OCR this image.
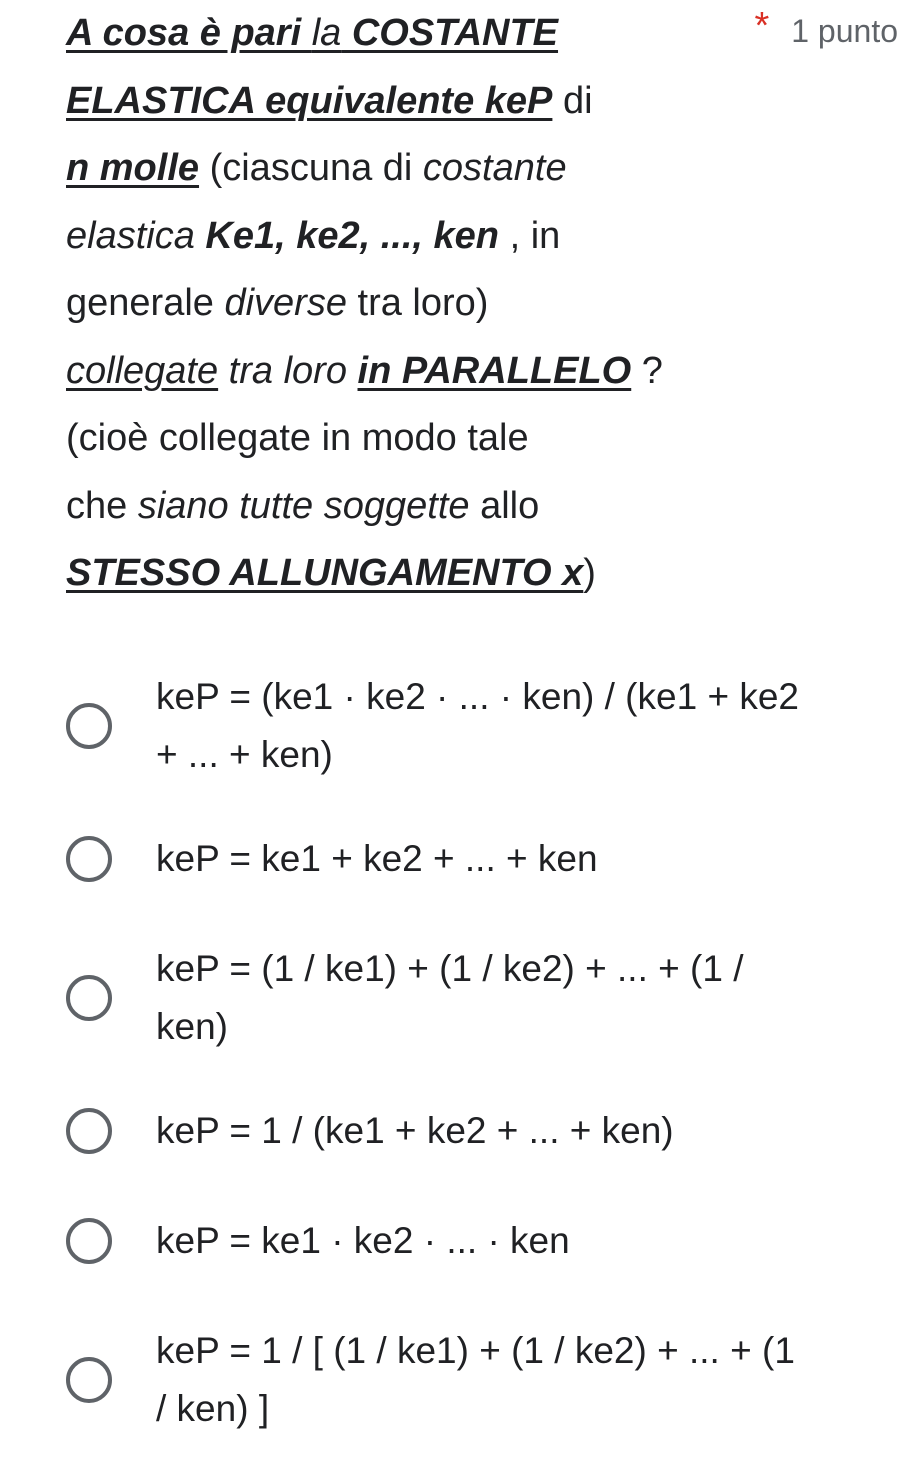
A cosa è pari la COSTANTE
ELASTICA equivalente keP di
n molle (ciascuna di costante
elastica Ke1, ke2, ..., ken , in
generale diverse tra loro)
collegate tra loro in PARALLELO ?
(cioè collegate in modo tale
che siano tutte soggette allo
STESSO ALLUNGAMENTO x)
* 1 punto
keP = (ke1 · ke2 · ... · ken) / (ke1 + ke2
+ ... + ken)
keP = ke1 + ke2 + ... + ken
keP = (1 / ke1) + (1 / ke2) + ... + (1 /
ken)
keP = 1 / (ke1 + ke2 + ... + ken)
keP = ke1 · ke2 · ... · ken
keP = 1 / [ (1 / ke1) + (1 / ke2) + ... + (1
/ ken) ]
